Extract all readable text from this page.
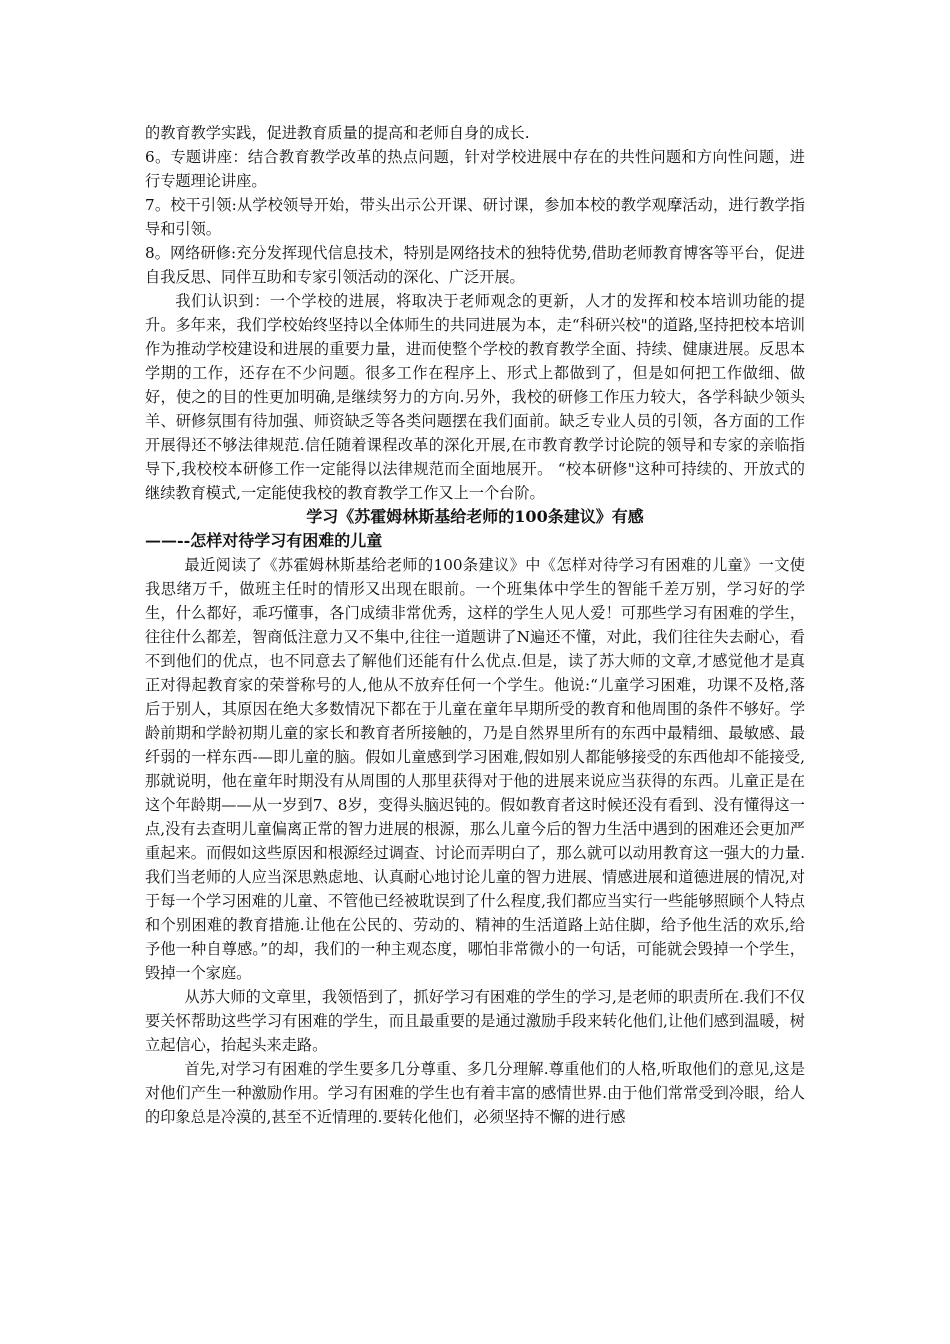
的教育教学实践，促进教育质量的提高和老师自身的成长.

6。专题讲座：结合教育教学改革的热点问题，针对学校进展中存在的共性问题和方向性问题，进行专题理论讲座。

7。校干引领:从学校领导开始，带头出示公开课、研讨课，参加本校的教学观摩活动，进行教学指导和引领。

8。网络研修:充分发挥现代信息技术，特别是网络技术的独特优势,借助老师教育博客等平台，促进自我反思、同伴互助和专家引领活动的深化、广泛开展。

我们认识到：一个学校的进展，将取决于老师观念的更新，人才的发挥和校本培训功能的提升。多年来，我们学校始终坚持以全体师生的共同进展为本，走“科研兴校"的道路,坚持把校本培训作为推动学校建设和进展的重要力量，进而使整个学校的教育教学全面、持续、健康进展。反思本学期的工作，还存在不少问题。很多工作在程序上、形式上都做到了，但是如何把工作做细、做好，使之的目的性更加明确,是继续努力的方向.另外，我校的研修工作压力较大，各学科缺少领头羊、研修氛围有待加强、师资缺乏等各类问题摆在我们面前。缺乏专业人员的引领，各方面的工作开展得还不够法律规范.信任随着课程改革的深化开展,在市教育教学讨论院的领导和专家的亲临指导下,我校校本研修工作一定能得以法律规范而全面地展开。 “校本研修"这种可持续的、开放式的继续教育模式,一定能使我校的教育教学工作又上一个台阶。

学习《苏霍姆林斯基给老师的100条建议》有感

——--怎样对待学习有困难的儿童

最近阅读了《苏霍姆林斯基给老师的100条建议》中《怎样对待学习有困难的儿童》一文使我思绪万千，做班主任时的情形又出现在眼前。一个班集体中学生的智能千差万别，学习好的学生，什么都好，乖巧懂事，各门成绩非常优秀，这样的学生人见人爱！可那些学习有困难的学生，往往什么都差，智商低注意力又不集中,往往一道题讲了N遍还不懂，对此，我们往往失去耐心，看不到他们的优点，也不同意去了解他们还能有什么优点.但是，读了苏大师的文章,才感觉他才是真正对得起教育家的荣誉称号的人,他从不放弃任何一个学生。他说:“儿童学习困难，功课不及格,落后于别人，其原因在绝大多数情况下都在于儿童在童年早期所受的教育和他周围的条件不够好。学龄前期和学龄初期儿童的家长和教育者所接触的，乃是自然界里所有的东西中最精细、最敏感、最纤弱的一样东西-—即儿童的脑。假如儿童感到学习困难,假如别人都能够接受的东西他却不能接受,那就说明，他在童年时期没有从周围的人那里获得对于他的进展来说应当获得的东西。儿童正是在这个年龄期——从一岁到7、8岁，变得头脑迟钝的。假如教育者这时候还没有看到、没有懂得这一点,没有去查明儿童偏离正常的智力进展的根源，那么儿童今后的智力生活中遇到的困难还会更加严重起来。而假如这些原因和根源经过调查、讨论而弄明白了，那么就可以动用教育这一强大的力量.我们当老师的人应当深思熟虑地、认真耐心地讨论儿童的智力进展、情感进展和道德进展的情况,对于每一个学习困难的儿童、不管他已经被耽误到了什么程度,我们都应当实行一些能够照顾个人特点和个别困难的教育措施.让他在公民的、劳动的、精神的生活道路上站住脚，给予他生活的欢乐,给予他一种自尊感。”的却，我们的一种主观态度，哪怕非常微小的一句话，可能就会毁掉一个学生，毁掉一个家庭。

从苏大师的文章里，我领悟到了，抓好学习有困难的学生的学习,是老师的职责所在.我们不仅要关怀帮助这些学习有困难的学生，而且最重要的是通过激励手段来转化他们,让他们感到温暖，树立起信心，抬起头来走路。

首先,对学习有困难的学生要多几分尊重、多几分理解.尊重他们的人格,听取他们的意见,这是对他们产生一种激励作用。学习有困难的学生也有着丰富的感情世界.由于他们常常受到冷眼，给人的印象总是冷漠的,甚至不近情理的.要转化他们，必须坚持不懈的进行感
